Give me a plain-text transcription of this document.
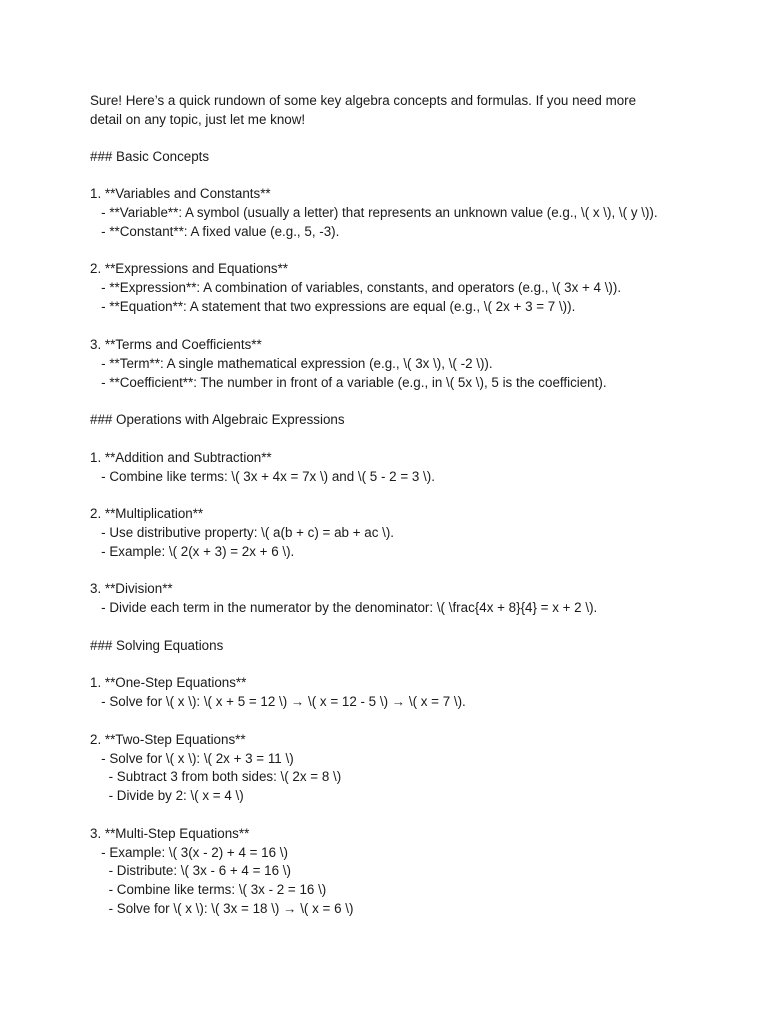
Sure! Here’s a quick rundown of some key algebra concepts and formulas. If you need more

detail on any topic, just let me know!

### Basic Concepts

1. **Variables and Constants**

- **Variable**: A symbol (usually a letter) that represents an unknown value (e.g., \( x \), \( y \)).

- **Constant**: A fixed value (e.g., 5, -3).

2. **Expressions and Equations**

- **Expression**: A combination of variables, constants, and operators (e.g., \( 3x + 4 \)).

- **Equation**: A statement that two expressions are equal (e.g., \( 2x + 3 = 7 \)).

3. **Terms and Coefficients**

- **Term**: A single mathematical expression (e.g., \( 3x \), \( -2 \)).

- **Coefficient**: The number in front of a variable (e.g., in \( 5x \), 5 is the coefficient).

### Operations with Algebraic Expressions

1. **Addition and Subtraction**

- Combine like terms: \( 3x + 4x = 7x \) and \( 5 - 2 = 3 \).

2. **Multiplication**

- Use distributive property: \( a(b + c) = ab + ac \).

- Example: \( 2(x + 3) = 2x + 6 \).

3. **Division**

- Divide each term in the numerator by the denominator: \( \frac{4x + 8}{4} = x + 2 \).

### Solving Equations

1. **One-Step Equations**

- Solve for \( x \): \( x + 5 = 12 \) → \( x = 12 - 5 \) → \( x = 7 \).

2. **Two-Step Equations**

- Solve for \( x \): \( 2x + 3 = 11 \)

- Subtract 3 from both sides: \( 2x = 8 \)

- Divide by 2: \( x = 4 \)

3. **Multi-Step Equations**

- Example: \( 3(x - 2) + 4 = 16 \)

- Distribute: \( 3x - 6 + 4 = 16 \)

- Combine like terms: \( 3x - 2 = 16 \)

- Solve for \( x \): \( 3x = 18 \) → \( x = 6 \)
